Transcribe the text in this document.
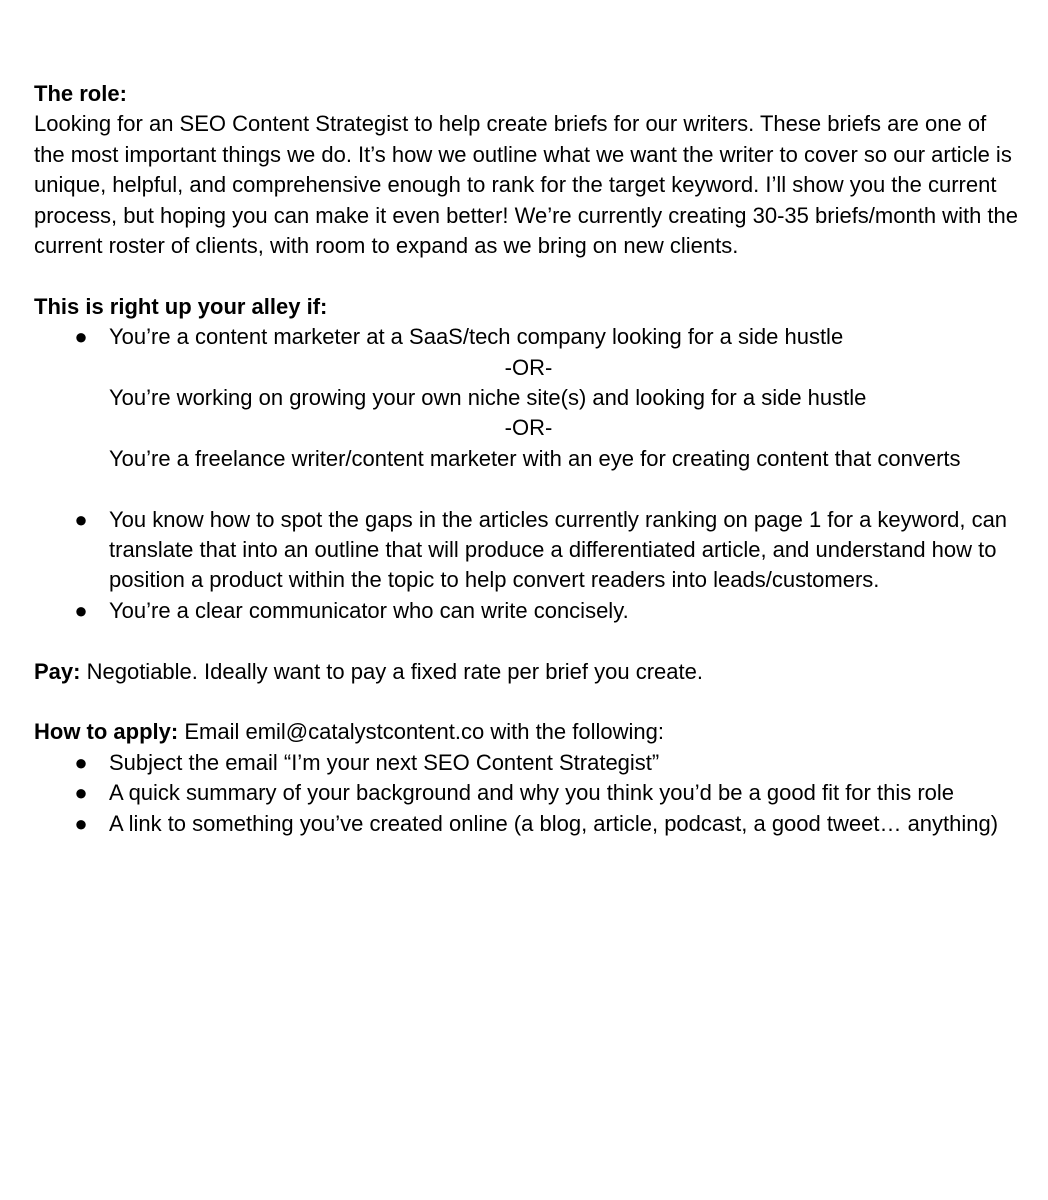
The role:

Looking for an SEO Content Strategist to help create briefs for our writers. These briefs are one of the most important things we do. It’s how we outline what we want the writer to cover so our article is unique, helpful, and comprehensive enough to rank for the target keyword. I’ll show you the current process, but hoping you can make it even better! We’re currently creating 30-35 briefs/month with the current roster of clients, with room to expand as we bring on new clients.

This is right up your alley if:
● You’re a content marketer at a SaaS/tech company looking for a side hustle
-OR-
You’re working on growing your own niche site(s) and looking for a side hustle
-OR-
You’re a freelance writer/content marketer with an eye for creating content that converts
● You know how to spot the gaps in the articles currently ranking on page 1 for a keyword, can translate that into an outline that will produce a differentiated article, and understand how to position a product within the topic to help convert readers into leads/customers.
● You’re a clear communicator who can write concisely.

Pay: Negotiable. Ideally want to pay a fixed rate per brief you create.

How to apply: Email emil@catalystcontent.co with the following:

● Subject the email “I’m your next SEO Content Strategist”
● A quick summary of your background and why you think you’d be a good fit for this role
● A link to something you’ve created online (a blog, article, podcast, a good tweet… anything)
